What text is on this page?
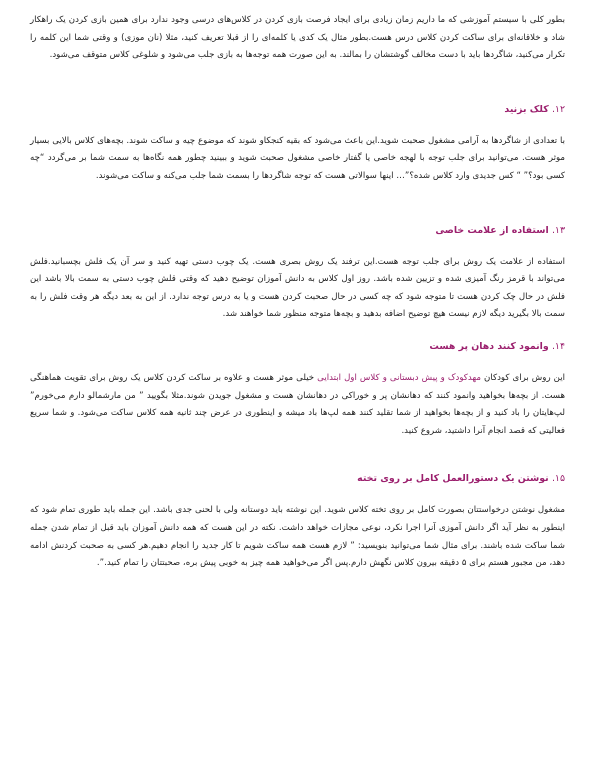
بطور کلی با سیستم آموزشی که ما داریم زمان زیادی برای ایجاد فرصت بازی کردن در کلاس‌های درسی وجود ندارد برای همین بازی کردن یک راهکار شاد و خلاقانه‌ای برای ساکت کردن کلاس درس هست.بطور مثال یک کدی یا کلمه‌ای را از قبلا تعریف کنید، مثلا (نان موزی) و وقتی شما این کلمه را تکرار می‌کنید، شاگردها باید با دست مخالف گوشتشان را بمالند. به این صورت همه توجه‌ها به بازی جلب می‌شود و شلوغی کلاس متوقف می‌شود.

۱۲. کلک بزنید

با تعدادی از شاگردها به آرامی مشغول صحبت شوید.این باعث می‌شود که بقیه کنجکاو شوند که موضوع چیه و ساکت شوند. بچه‌های کلاس بالایی بسیار موثر هست. می‌توانید برای جلب توجه با لهجه خاصی یا گفتار خاصی مشغول صحبت شوید و ببینید چطور همه نگاه‌ها به سمت شما بر می‌گردد “چه کسی بود؟” “ کس جدیدی وارد کلاس شده؟”… اینها سوالاتی هست که توجه شاگردها را بسمت شما جلب می‌کنه و ساکت می‌شوند.

۱۳. استفاده از علامت خاصی

استفاده از علامت یک روش برای جلب توجه هست.این ترفند یک روش بصری هست. یک چوب دستی تهیه کنید و سر آن یک فلش بچسبانید.فلش می‌تواند با قرمز رنگ آمیزی شده و تزیین شده باشد. روز اول کلاس به دانش آموزان توضیح دهید که وقتی قلش چوب دستی به سمت بالا باشد این فلش در حال چک کردن هست تا متوجه شود که چه کسی در حال صحبت کردن هست و یا به درس توجه ندارد. از این به بعد دیگه هر وقت فلش را به سمت بالا بگیرید دیگه لازم نیست هیچ توضیح اضافه بدهید و بچه‌ها متوجه منظور شما خواهند شد.

۱۴. وانمود کنند دهان پر هست

این روش برای کودکان مهدکودک و پیش دبستانی و کلاس اول ابتدایی خیلی موثر هست و علاوه بر ساکت کردن کلاس یک روش برای تقویت هماهنگی هست. از بچه‌ها بخواهید وانمود کنند که دهانشان پر و خوراکی در دهانشان هست و مشغول جویدن شوند.مثلا بگویید ” من مارشمالو دارم می‌خورم” لپ‌هایتان را باد کنید و از بچه‌ها بخواهید از شما تقلید کنند همه لپ‌ها باد میشه و اینطوری در عرض چند ثانیه همه کلاس ساکت می‌شود. و شما سریع فعالیتی که قصد انجام آنرا داشتید، شروع کنید.

۱۵. نوشتن یک دستورالعمل کامل بر روی تخته

مشغول نوشتن درخواستتان بصورت کامل بر روی تخته کلاس شوید. این نوشته باید دوستانه ولی با لحنی جدی باشد. این جمله باید طوری تمام شود که اینطور به نظر آید اگر دانش آموزی آنرا اجرا نکرد، نوعی مجازات خواهد داشت. نکته در این هست که همه دانش آموزان باید قبل از تمام شدن جمله شما ساکت شده باشند. برای مثال شما می‌توانید بنویسید: ” لازم هست همه ساکت شویم تا کار جدید را انجام دهیم.هر کسی به صحبت کردنش ادامه دهد، من مجبور هستم برای ۵ دقیقه بیرون کلاس نگهش دارم.پس اگر می‌خواهید همه چیز به خوبی پیش بره، صحبتتان را تمام کنید.”.
